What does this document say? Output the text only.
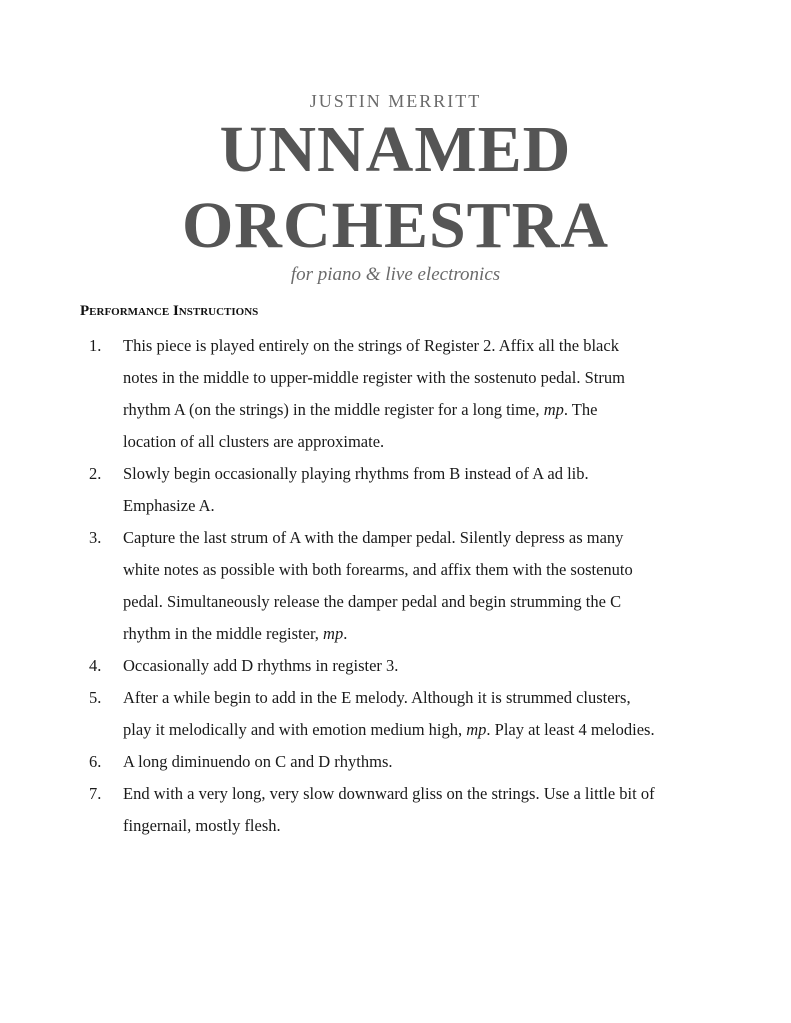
JUSTIN MERRITT
UNNAMED
ORCHESTRA
for piano & live electronics
Performance Instructions
1. This piece is played entirely on the strings of Register 2. Affix all the black
notes in the middle to upper-middle register with the sostenuto pedal. Strum
rhythm A (on the strings) in the middle register for a long time, mp. The
location of all clusters are approximate.
2. Slowly begin occasionally playing rhythms from B instead of A ad lib.
Emphasize A.
3. Capture the last strum of A with the damper pedal. Silently depress as many
white notes as possible with both forearms, and affix them with the sostenuto
pedal. Simultaneously release the damper pedal and begin strumming the C
rhythm in the middle register, mp.
4. Occasionally add D rhythms in register 3.
5. After a while begin to add in the E melody. Although it is strummed clusters,
play it melodically and with emotion medium high, mp. Play at least 4 melodies.
6. A long diminuendo on C and D rhythms.
7. End with a very long, very slow downward gliss on the strings. Use a little bit of
fingernail, mostly flesh.
